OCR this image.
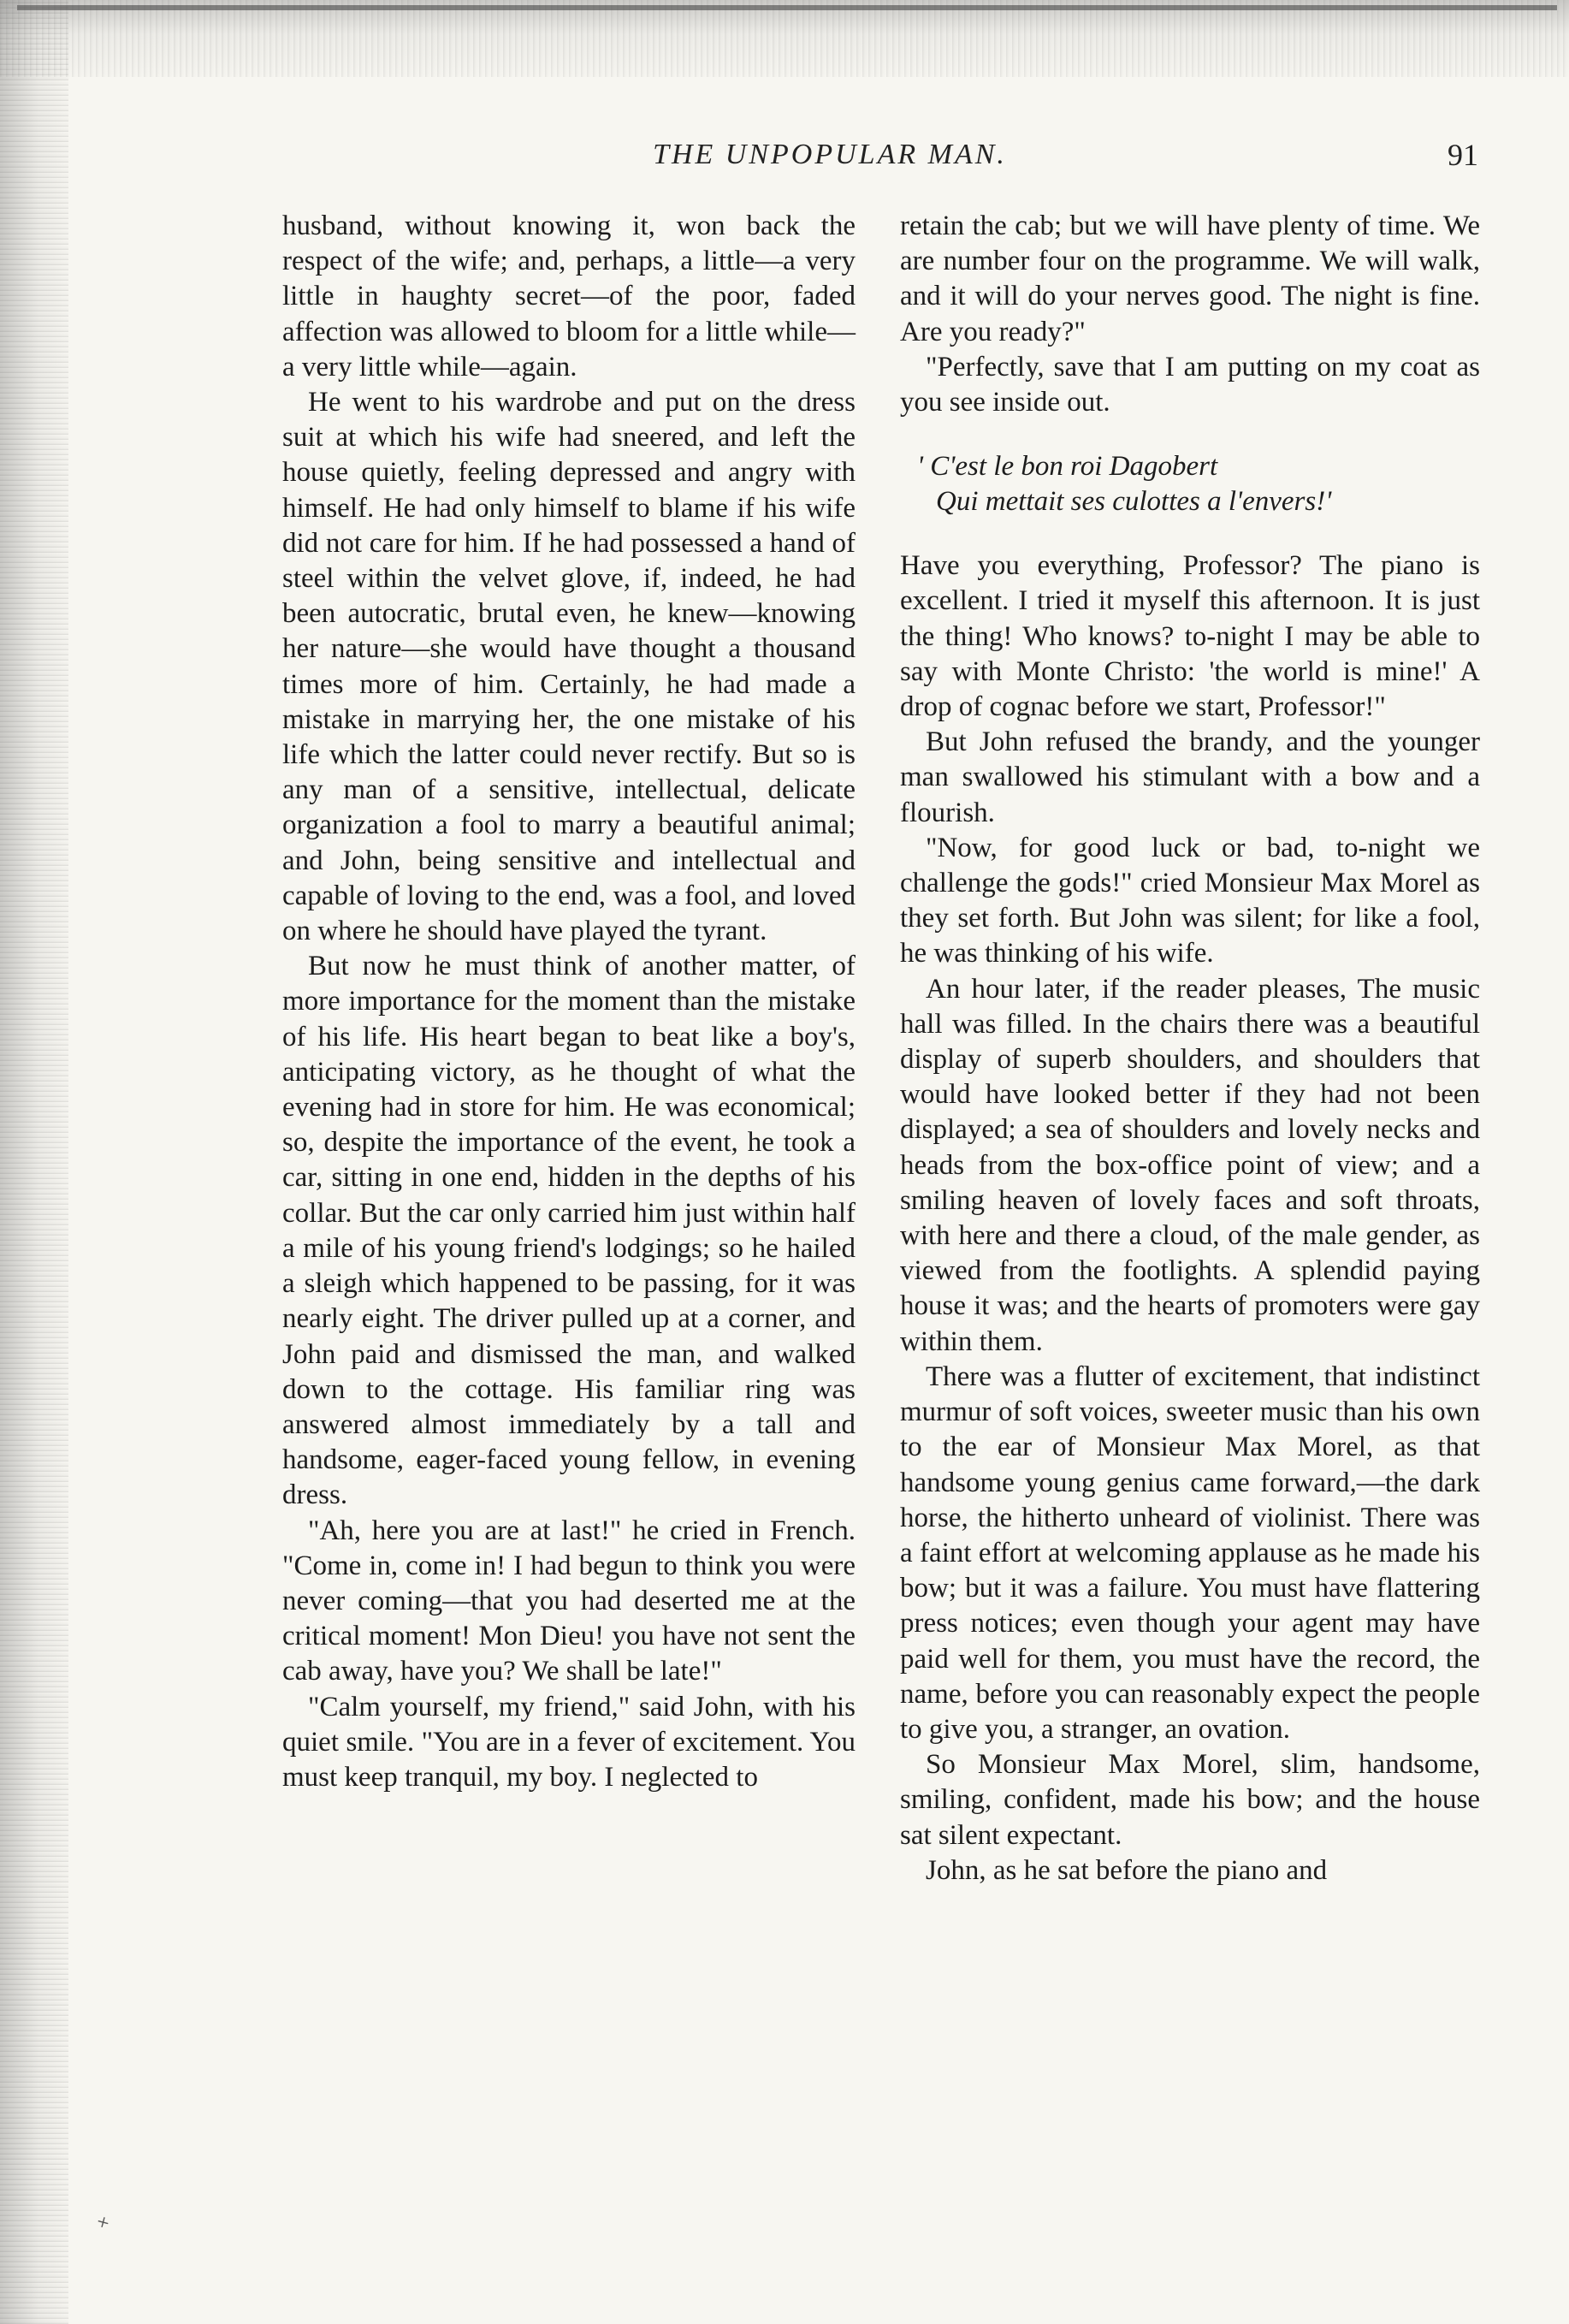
THE UNPOPULAR MAN.	91

husband, without knowing it, won back the respect of the wife; and, perhaps, a little—a very little in haughty secret—of the poor, faded affection was allowed to bloom for a little while—a very little while—again.

He went to his wardrobe and put on the dress suit at which his wife had sneered, and left the house quietly, feeling depressed and angry with himself. He had only himself to blame if his wife did not care for him. If he had possessed a hand of steel within the velvet glove, if, indeed, he had been autocratic, brutal even, he knew—knowing her nature—she would have thought a thousand times more of him. Certainly, he had made a mistake in marrying her, the one mistake of his life which the latter could never rectify. But so is any man of a sensitive, intellectual, delicate organization a fool to marry a beautiful animal; and John, being sensitive and intellectual and capable of loving to the end, was a fool, and loved on where he should have played the tyrant.

But now he must think of another matter, of more importance for the moment than the mistake of his life. His heart began to beat like a boy's, anticipating victory, as he thought of what the evening had in store for him. He was economical; so, despite the importance of the event, he took a car, sitting in one end, hidden in the depths of his collar. But the car only carried him just within half a mile of his young friend's lodgings; so he hailed a sleigh which happened to be passing, for it was nearly eight. The driver pulled up at a corner, and John paid and dismissed the man, and walked down to the cottage. His familiar ring was answered almost immediately by a tall and handsome, eager-faced young fellow, in evening dress.

"Ah, here you are at last!" he cried in French. "Come in, come in! I had begun to think you were never coming—that you had deserted me at the critical moment! Mon Dieu! you have not sent the cab away, have you? We shall be late!"

"Calm yourself, my friend," said John, with his quiet smile. "You are in a fever of excitement. You must keep tranquil, my boy. I neglected to

retain the cab; but we will have plenty of time. We are number four on the programme. We will walk, and it will do your nerves good. The night is fine. Are you ready?"

"Perfectly, save that I am putting on my coat as you see inside out.

' C'est le bon roi Dagobert
Qui mettait ses culottes a l'envers!'

Have you everything, Professor? The piano is excellent. I tried it myself this afternoon. It is just the thing! Who knows? to-night I may be able to say with Monte Christo: 'the world is mine!' A drop of cognac before we start, Professor!"

But John refused the brandy, and the younger man swallowed his stimulant with a bow and a flourish.

"Now, for good luck or bad, to-night we challenge the gods!" cried Monsieur Max Morel as they set forth. But John was silent; for like a fool, he was thinking of his wife.

An hour later, if the reader pleases, The music hall was filled. In the chairs there was a beautiful display of superb shoulders, and shoulders that would have looked better if they had not been displayed; a sea of shoulders and lovely necks and heads from the box-office point of view; and a smiling heaven of lovely faces and soft throats, with here and there a cloud, of the male gender, as viewed from the footlights. A splendid paying house it was; and the hearts of promoters were gay within them.

There was a flutter of excitement, that indistinct murmur of soft voices, sweeter music than his own to the ear of Monsieur Max Morel, as that handsome young genius came forward,—the dark horse, the hitherto unheard of violinist. There was a faint effort at welcoming applause as he made his bow; but it was a failure. You must have flattering press notices; even though your agent may have paid well for them, you must have the record, the name, before you can reasonably expect the people to give you, a stranger, an ovation.

So Monsieur Max Morel, slim, handsome, smiling, confident, made his bow; and the house sat silent expectant.

John, as he sat before the piano and

˟
